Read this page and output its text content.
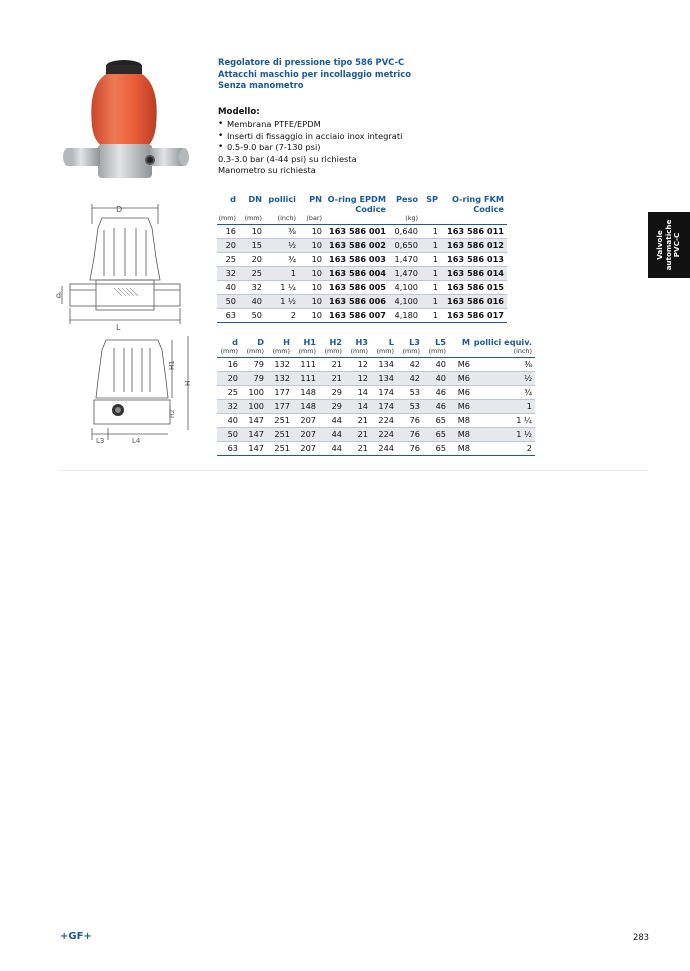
D
d
L
H1
H
H2
L3	L4
Regolatore di pressione tipo 586 PVC-C
Attacchi maschio per incollaggio metrico
Senza manometro
Modello:
• Membrana PTFE/EPDM
• Inserti di fissaggio in acciaio inox integrati
• 0.5-9.0 bar (7-130 psi)
0.3-3.0 bar (4-44 psi) su richiesta
Manometro su richiesta
d	DN	pollici	PN	O-ring EPDM Codice	Peso	SP	O-ring FKM Codice
(mm)	(mm)	(inch)	(bar)		(kg)		
16	10	⅜	10	163 586 001	0,640	1	163 586 011
20	15	½	10	163 586 002	0,650	1	163 586 012
25	20	¾	10	163 586 003	1,470	1	163 586 013
32	25	1	10	163 586 004	1,470	1	163 586 014
40	32	1 ¼	10	163 586 005	4,100	1	163 586 015
50	40	1 ½	10	163 586 006	4,100	1	163 586 016
63	50	2	10	163 586 007	4,180	1	163 586 017
d	D	H	H1	H2	H3	L	L3	L5	M	pollici equiv.
(mm)	(mm)	(mm)	(mm)	(mm)	(mm)	(mm)	(mm)	(mm)		(inch)
16	79	132	111	21	12	134	42	40	M6	⅜
20	79	132	111	21	12	134	42	40	M6	½
25	100	177	148	29	14	174	53	46	M6	¾
32	100	177	148	29	14	174	53	46	M6	1
40	147	251	207	44	21	224	76	65	M8	1 ¼
50	147	251	207	44	21	224	76	65	M8	1 ½
63	147	251	207	44	21	244	76	65	M8	2
Valvole automatiche PVC-C
+GF+	283
